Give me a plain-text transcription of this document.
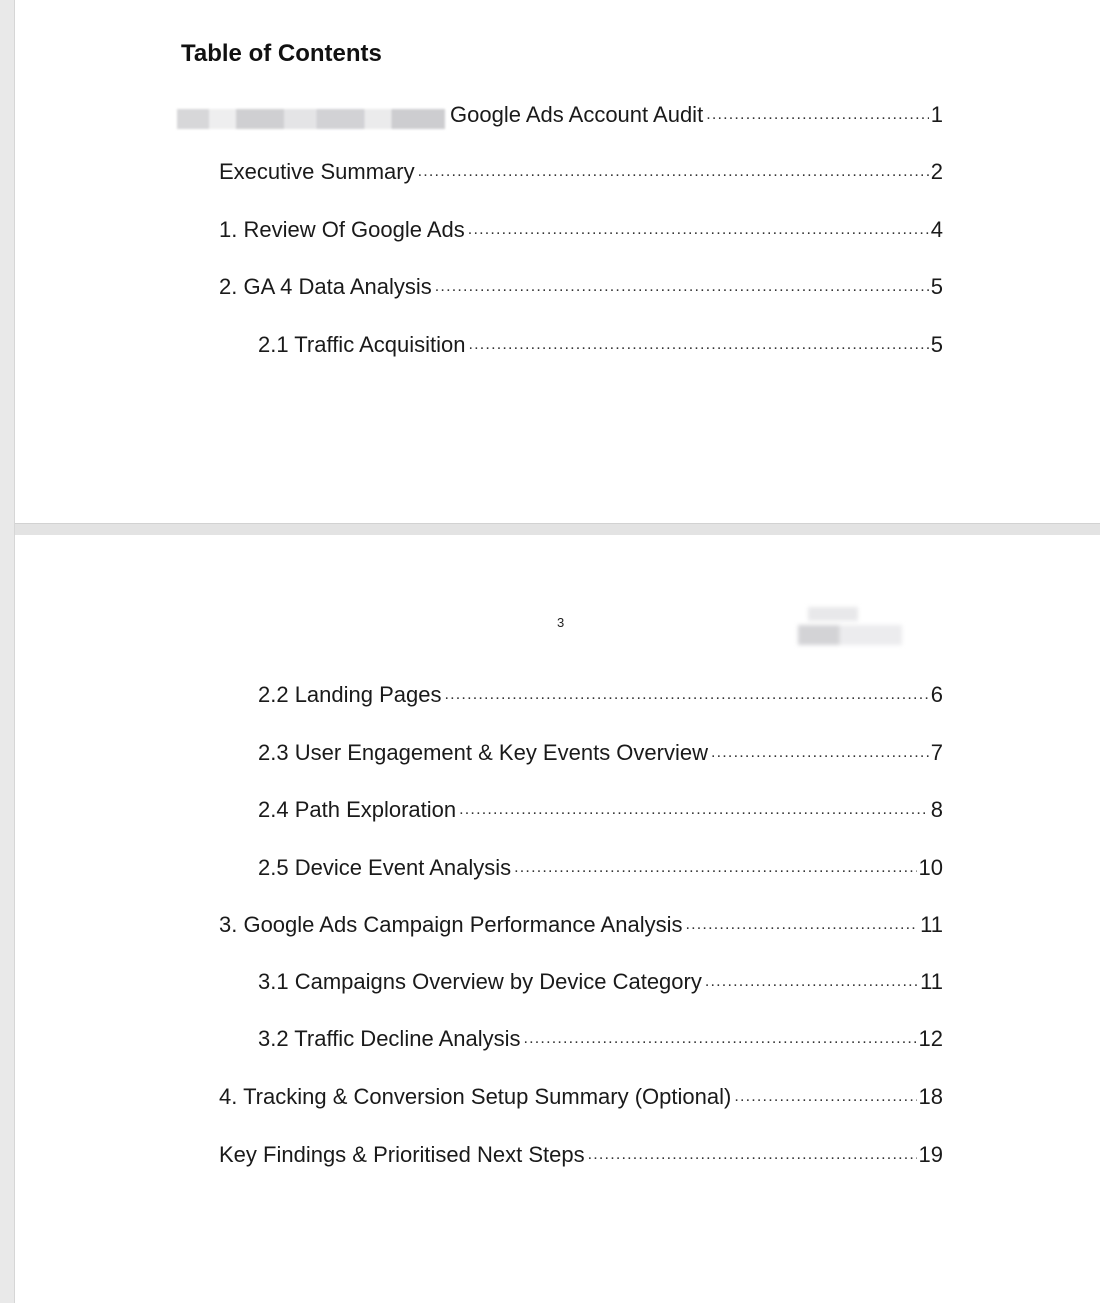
Table of Contents
Google Ads Account Audit .....	1
Executive Summary .....	2
1. Review Of Google Ads .....	4
2. GA 4 Data Analysis .....	5
2.1 Traffic Acquisition .....	5
3
2.2 Landing Pages .....	6
2.3 User Engagement & Key Events Overview .....	7
2.4 Path Exploration .....	8
2.5 Device Event Analysis .....	10
3. Google Ads Campaign Performance Analysis .....	11
3.1 Campaigns Overview by Device Category .....	11
3.2 Traffic Decline Analysis .....	12
4. Tracking & Conversion Setup Summary (Optional) .....	18
Key Findings & Prioritised Next Steps .....	19
